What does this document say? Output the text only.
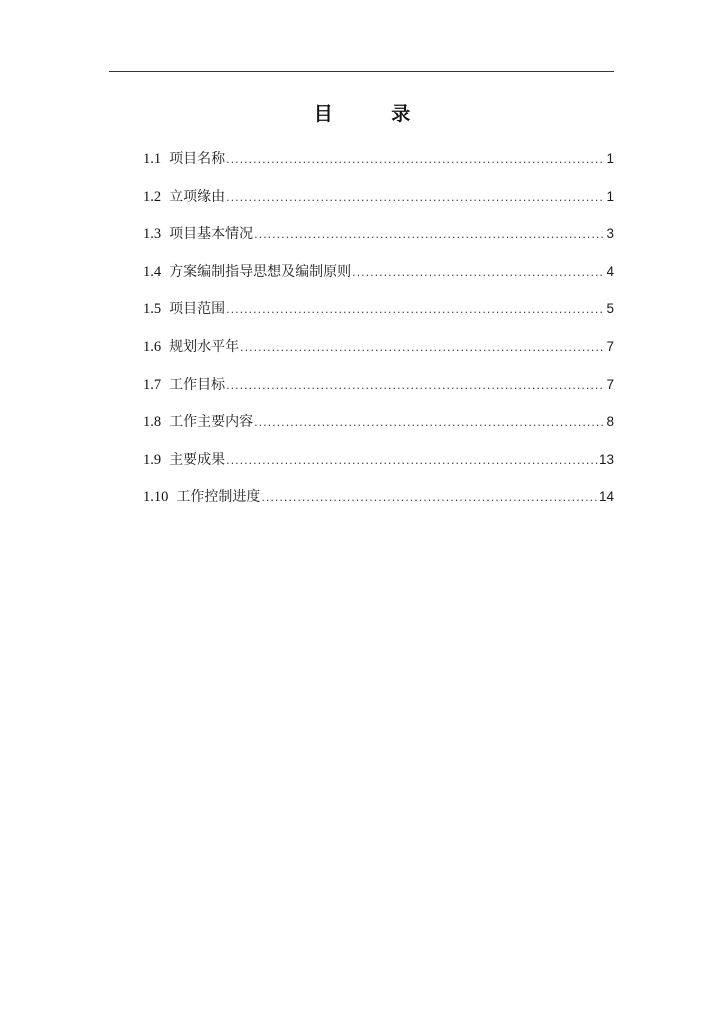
目 录
1.1 项目名称 .....	1
1.2 立项缘由 .....	1
1.3 项目基本情况 .....	3
1.4 方案编制指导思想及编制原则 .....	4
1.5 项目范围 .....	5
1.6 规划水平年 .....	7
1.7 工作目标 .....	7
1.8 工作主要内容 .....	8
1.9 主要成果 .....	13
1.10 工作控制进度 .....	14
